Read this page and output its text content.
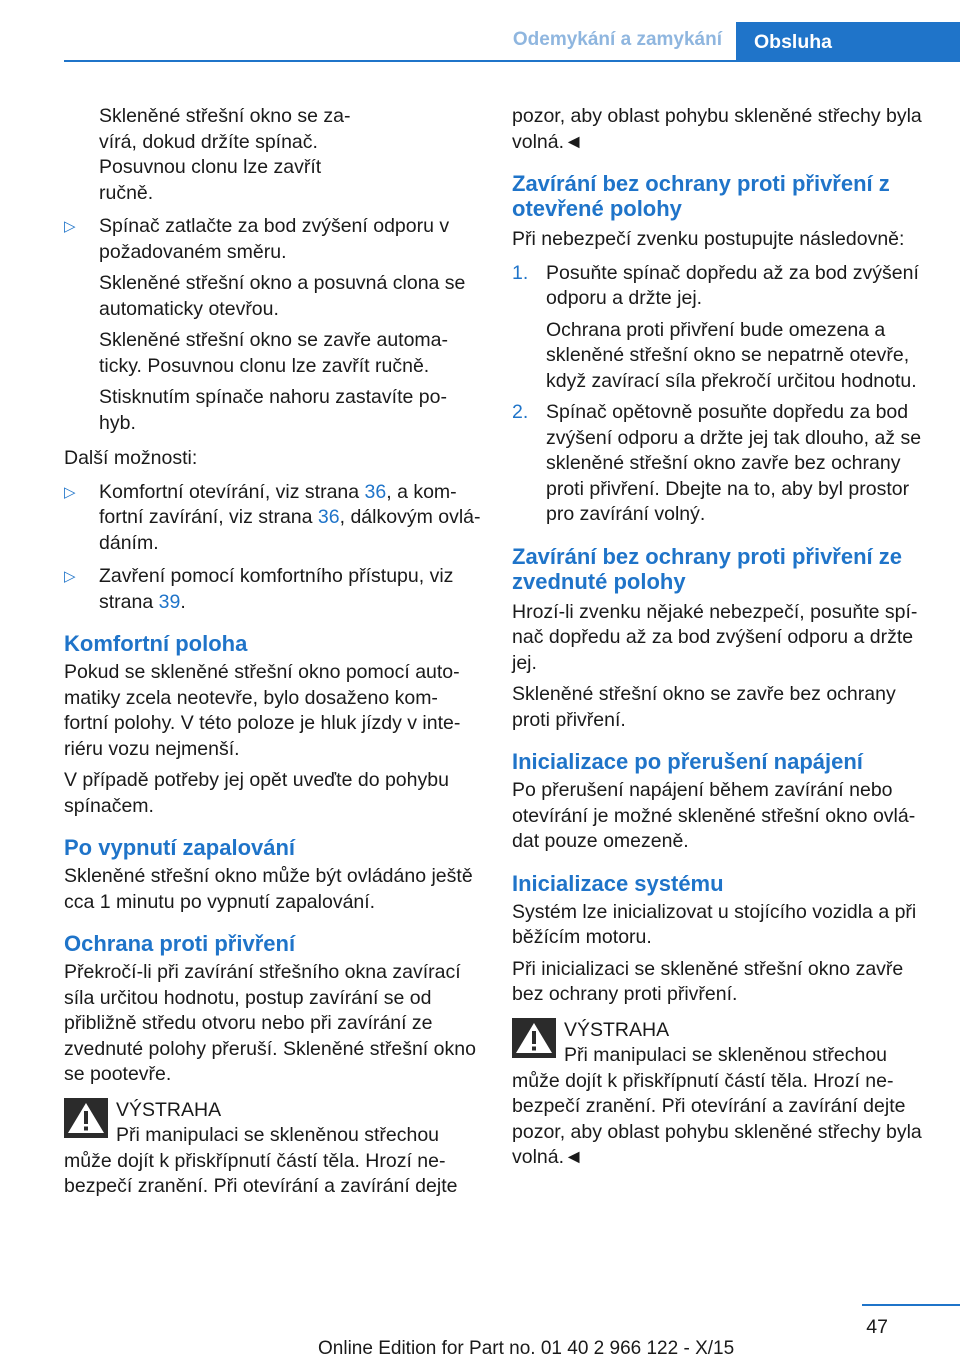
Odemykání a zamykání	Obsluha

Skleněné střešní okno se za-

vírá, dokud držíte spínač.

Posuvnou clonu lze zavřít

ručně.

▷ Spínač zatlačte za bod zvýšení odporu v požadovaném směru.

Skleněné střešní okno a posuvná clona se automaticky otevřou.

Skleněné střešní okno se zavře automa- ticky. Posuvnou clonu lze zavřít ručně.

Stisknutím spínače nahoru zastavíte po- hyb.

Další možnosti:

▷ Komfortní otevírání, viz strana 36, a kom- fortní zavírání, viz strana 36, dálkovým ovlá- dáním.

▷ Zavření pomocí komfortního přístupu, viz strana 39.

Komfortní poloha

Pokud se skleněné střešní okno pomocí auto- matiky zcela neotevře, bylo dosaženo kom- fortní polohy. V této poloze je hluk jízdy v inte- riéru vozu nejmenší.

V případě potřeby jej opět uveďte do pohybu spínačem.

Po vypnutí zapalování

Skleněné střešní okno může být ovládáno ještě cca 1 minutu po vypnutí zapalování.

Ochrana proti přivření

Překročí-li při zavírání střešního okna zavírací síla určitou hodnotu, postup zavírání se od přibližně středu otvoru nebo při zavírání ze zvednuté polohy přeruší. Skleněné střešní okno se pootevře.

VÝSTRAHA

Při manipulaci se skleněnou střechou

může dojít k přiskřípnutí částí těla. Hrozí ne- bezpečí zranění. Při otevírání a zavírání dejte

pozor, aby oblast pohybu skleněné střechy byla volná.◄

Zavírání bez ochrany proti přivření z otevřené polohy

Při nebezpečí zvenku postupujte následovně:

1. Posuňte spínač dopředu až za bod zvýšení odporu a držte jej.

Ochrana proti přivření bude omezena a skleněné střešní okno se nepatrně otevře, když zavírací síla překročí určitou hodnotu.

2. Spínač opětovně posuňte dopředu za bod zvýšení odporu a držte jej tak dlouho, až se skleněné střešní okno zavře bez ochrany proti přivření. Dbejte na to, aby byl prostor pro zavírání volný.

Zavírání bez ochrany proti přivření ze zvednuté polohy

Hrozí-li zvenku nějaké nebezpečí, posuňte spí- nač dopředu až za bod zvýšení odporu a držte jej.

Skleněné střešní okno se zavře bez ochrany proti přivření.

Inicializace po přerušení napájení

Po přerušení napájení během zavírání nebo otevírání je možné skleněné střešní okno ovlá- dat pouze omezeně.

Inicializace systému

Systém lze inicializovat u stojícího vozidla a při běžícím motoru.

Při inicializaci se skleněné střešní okno zavře bez ochrany proti přivření.

VÝSTRAHA

Při manipulaci se skleněnou střechou

může dojít k přiskřípnutí částí těla. Hrozí ne- bezpečí zranění. Při otevírání a zavírání dejte pozor, aby oblast pohybu skleněné střechy byla volná.◄

47
Online Edition for Part no. 01 40 2 966 122 - X/15
